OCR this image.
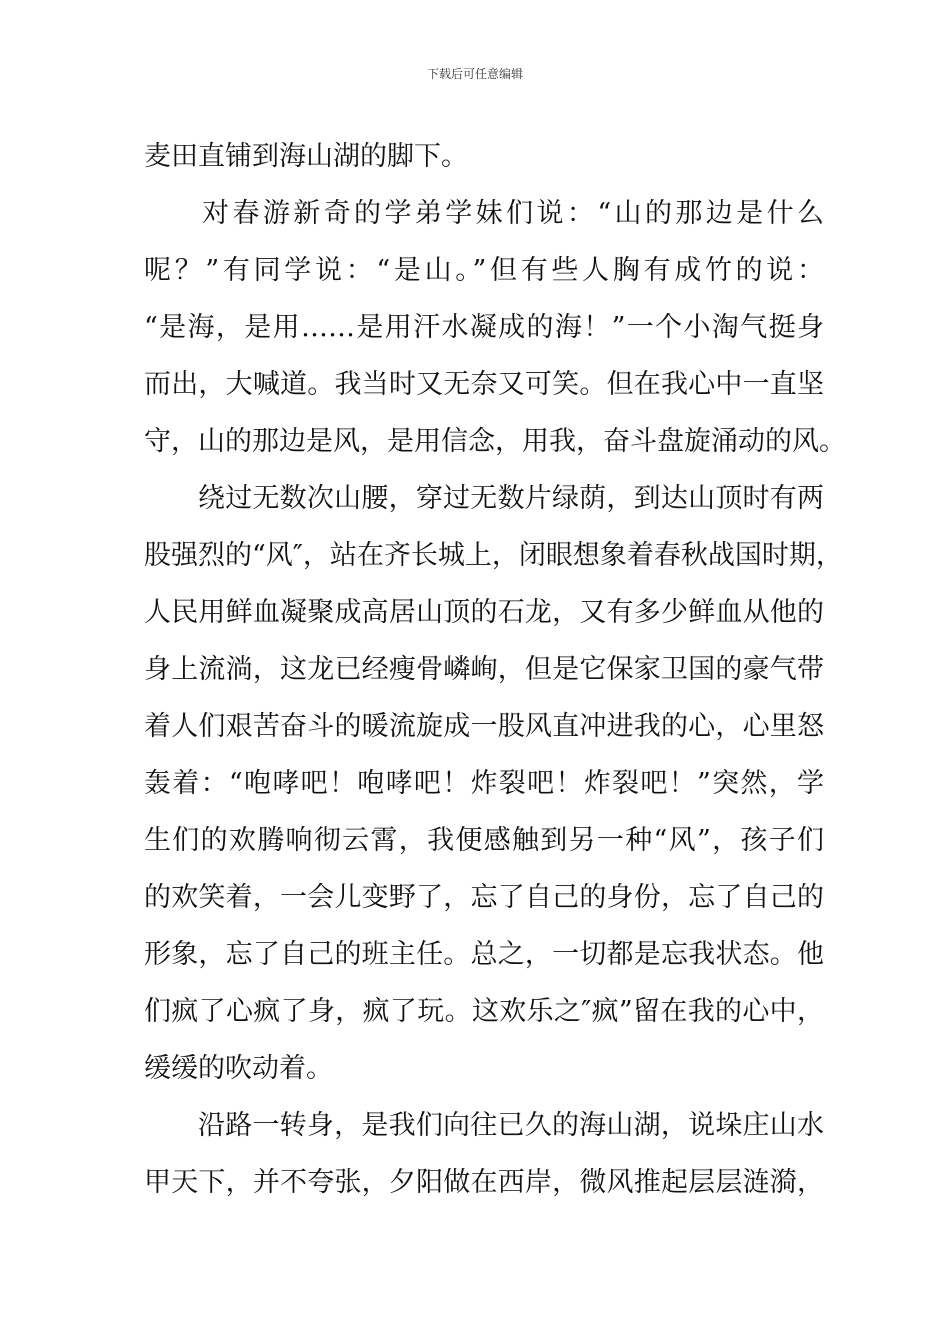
下载后可任意编辑
麦田直铺到海山湖的脚下。
对春游新奇的学弟学妹们说：“山的那边是什么
呢？”有同学说：“是山。”但有些人胸有成竹的说：
“是海，是用……是用汗水凝成的海！”一个小淘气挺身
而出，大喊道。我当时又无奈又可笑。但在我心中一直坚
守，山的那边是风，是用信念，用我，奋斗盘旋涌动的风。
绕过无数次山腰，穿过无数片绿荫，到达山顶时有两
股强烈的“风″，站在齐长城上，闭眼想象着春秋战国时期，
人民用鲜血凝聚成高居山顶的石龙，又有多少鲜血从他的
身上流淌，这龙已经瘦骨嶙峋，但是它保家卫国的豪气带
着人们艰苦奋斗的暖流旋成一股风直冲进我的心，心里怒
轰着：“咆哮吧！咆哮吧！炸裂吧！炸裂吧！”突然，学
生们的欢腾响彻云霄，我便感触到另一种“风”，孩子们
的欢笑着，一会儿变野了，忘了自己的身份，忘了自己的
形象，忘了自己的班主任。总之，一切都是忘我状态。他
们疯了心疯了身，疯了玩。这欢乐之″疯”留在我的心中，
缓缓的吹动着。
沿路一转身，是我们向往已久的海山湖，说垛庄山水
甲天下，并不夸张，夕阳做在西岸，微风推起层层涟漪，
